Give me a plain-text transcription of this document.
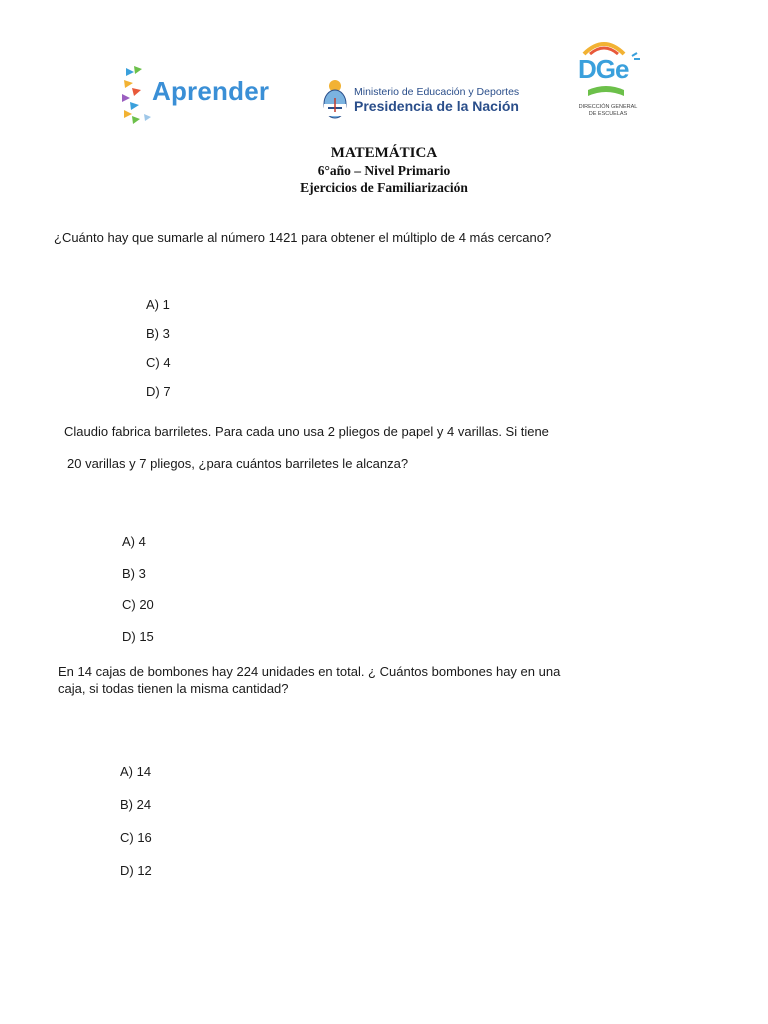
Aprender	Ministerio de Educación y Deportes
Presidencia de la Nación
DGe
DIRECCIÓN GENERAL
DE ESCUELAS
MATEMÁTICA
6°año – Nivel Primario
Ejercicios de Familiarización
¿Cuánto hay que sumarle al número 1421 para obtener el múltiplo de 4 más cercano?
A) 1
B) 3
C) 4
D) 7
Claudio fabrica barriletes. Para cada uno usa 2 pliegos de papel y 4 varillas. Si tiene
20 varillas y 7 pliegos, ¿para cuántos barriletes le alcanza?
A) 4
B) 3
C) 20
D) 15
En 14 cajas de bombones hay 224 unidades en total. ¿ Cuántos bombones hay en una
caja, si todas tienen la misma cantidad?
A) 14
B) 24
C) 16
D) 12
